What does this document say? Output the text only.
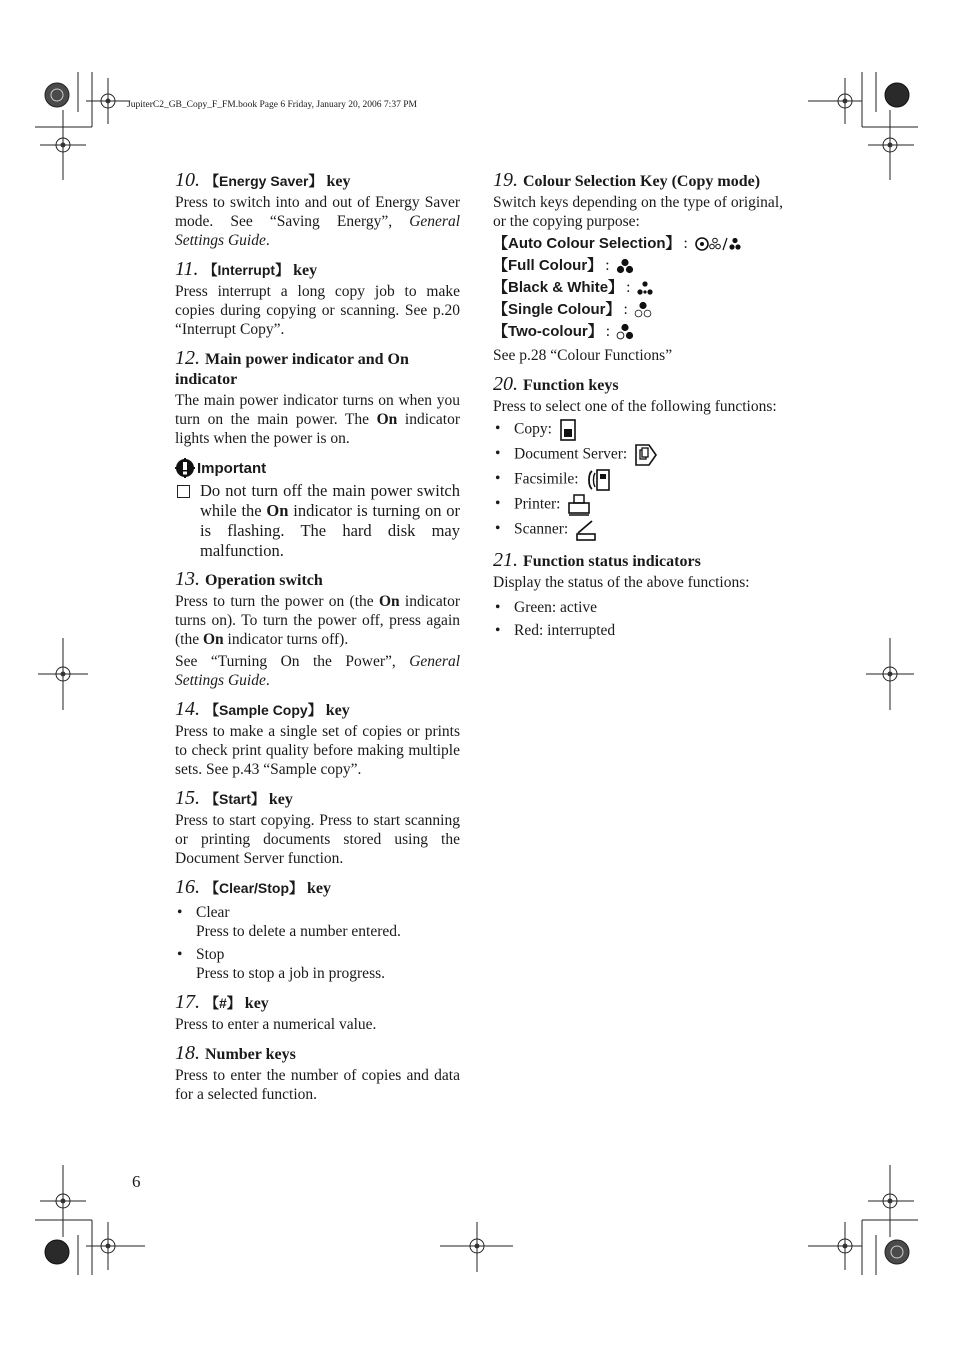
JupiterC2_GB_Copy_F_FM.book Page 6 Friday, January 20, 2006 7:37 PM
10. 【Energy Saver】 key

Press to switch into and out of Energy Saver mode. See “Saving Energy”, General Settings Guide.

11. 【Interrupt】 key

Press interrupt a long copy job to make copies during copying or scanning. See p.20 “Interrupt Copy”.

12. Main power indicator and On indicator

The main power indicator turns on when you turn on the main power. The On indicator lights when the power is on.

Important
Do not turn off the main power switch while the On indicator is turning on or is flashing. The hard disk may malfunction.
13. Operation switch

Press to turn the power on (the On indicator turns on). To turn the power off, press again (the On indicator turns off).

See “Turning On the Power”, General Settings Guide.

14. 【Sample Copy】 key

Press to make a single set of copies or prints to check print quality before making multiple sets. See p.43 “Sample copy”.

15. 【Start】 key

Press to start copying. Press to start scanning or printing documents stored using the Document Server function.

16. 【Clear/Stop】 key
• Clear
Press to delete a number entered.
• Stop
Press to stop a job in progress.
17. 【#】 key

Press to enter a numerical value.

18. Number keys

Press to enter the number of copies and data for a selected function.

19. Colour Selection Key (Copy mode)

Switch keys depending on the type of original, or the copying purpose:

【Auto Colour Selection】 :
【Full Colour】 :
【Black & White】 :
【Single Colour】 :
【Two-colour】 :

See p.28 “Colour Functions”

20. Function keys

Press to select one of the following functions:

• Copy:
• Document Server:
• Facsimile:
• Printer:
• Scanner:
21. Function status indicators

Display the status of the above functions:

• Green: active
• Red: interrupted
6
